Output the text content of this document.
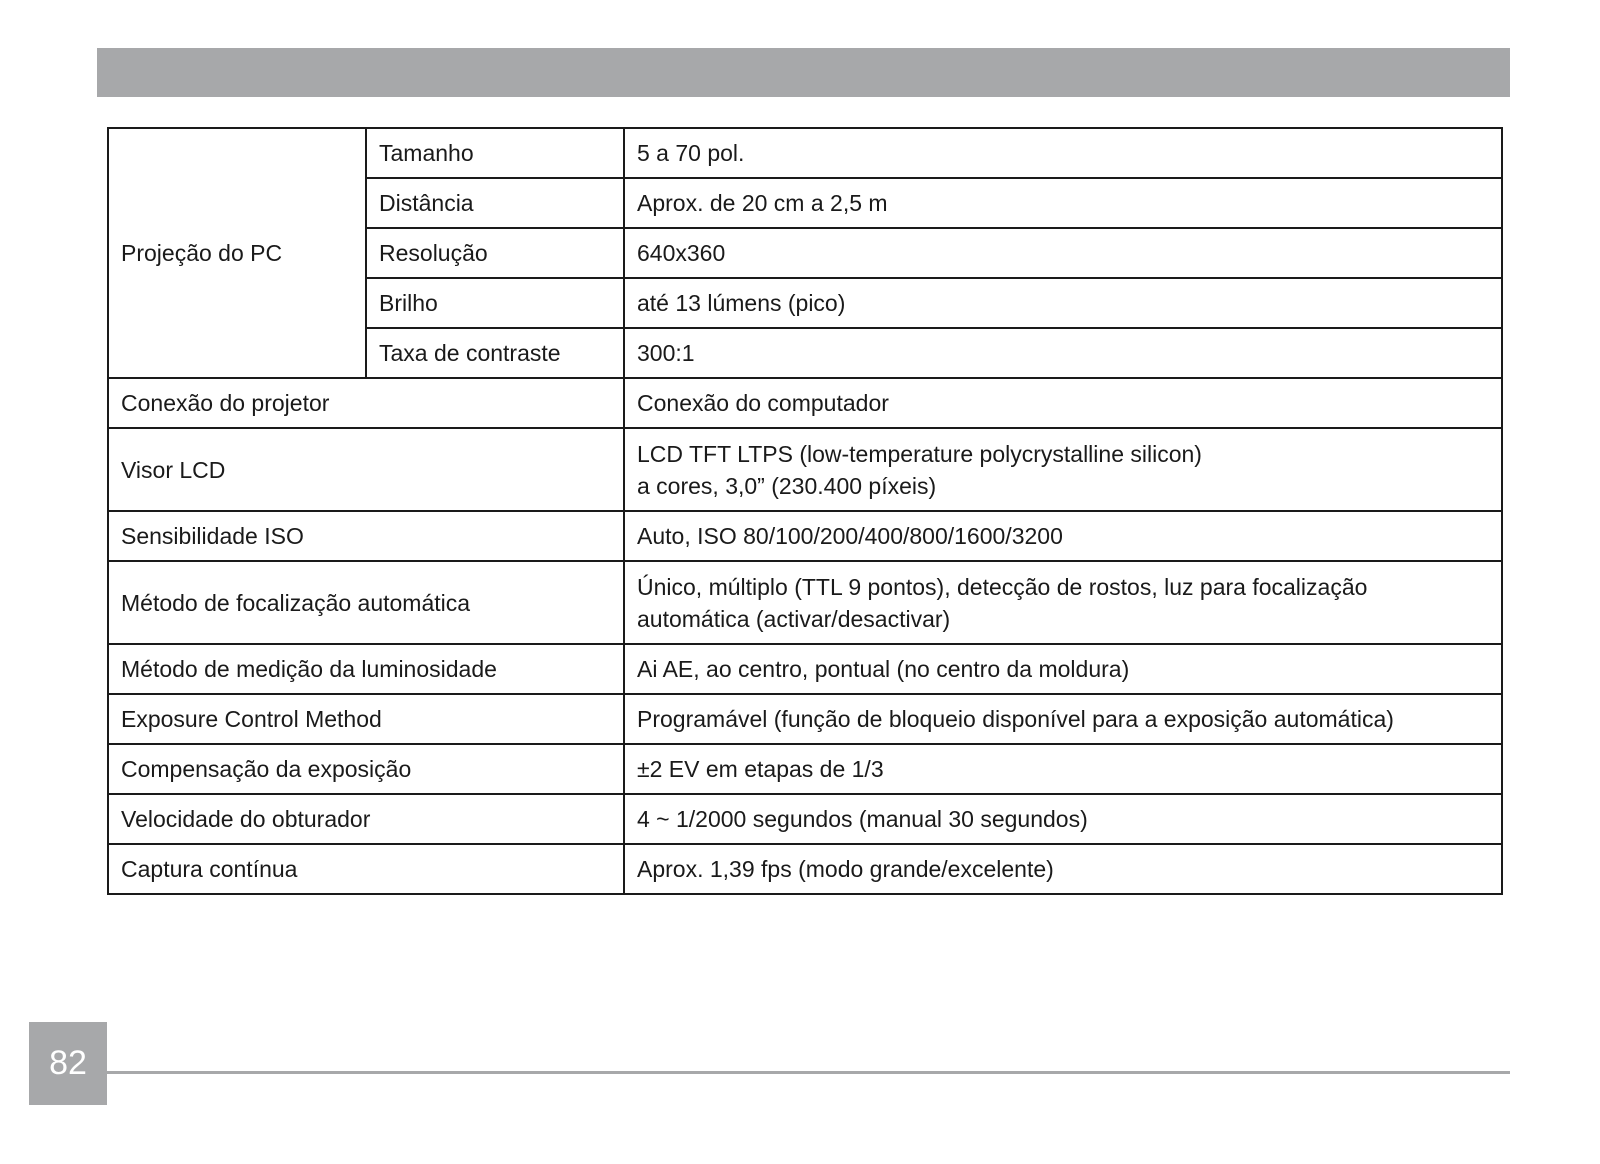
Projeção do PC	Tamanho	5 a 70 pol.
	Distância	Aprox. de 20 cm a 2,5 m
	Resolução	640x360
	Brilho	até 13 lúmens (pico)
	Taxa de contraste	300:1
Conexão do projetor		Conexão do computador

Visor LCD		LCD TFT LTPS (low-temperature polycrystalline silicon)
a cores, 3,0” (230.400 píxeis)

Sensibilidade ISO		Auto, ISO 80/100/200/400/800/1600/3200

Método de focalização automática		Único, múltiplo (TTL 9 pontos), detecção de rostos, luz para focalização
automática (activar/desactivar)

Método de medição da luminosidade		Ai AE, ao centro, pontual (no centro da moldura)

Exposure Control Method		Programável (função de bloqueio disponível para a exposição automática)

Compensação da exposição		±2 EV em etapas de 1/3

Velocidade do obturador		4 ~ 1/2000 segundos (manual 30 segundos)

Captura contínua		Aprox. 1,39 fps (modo grande/excelente)
82
